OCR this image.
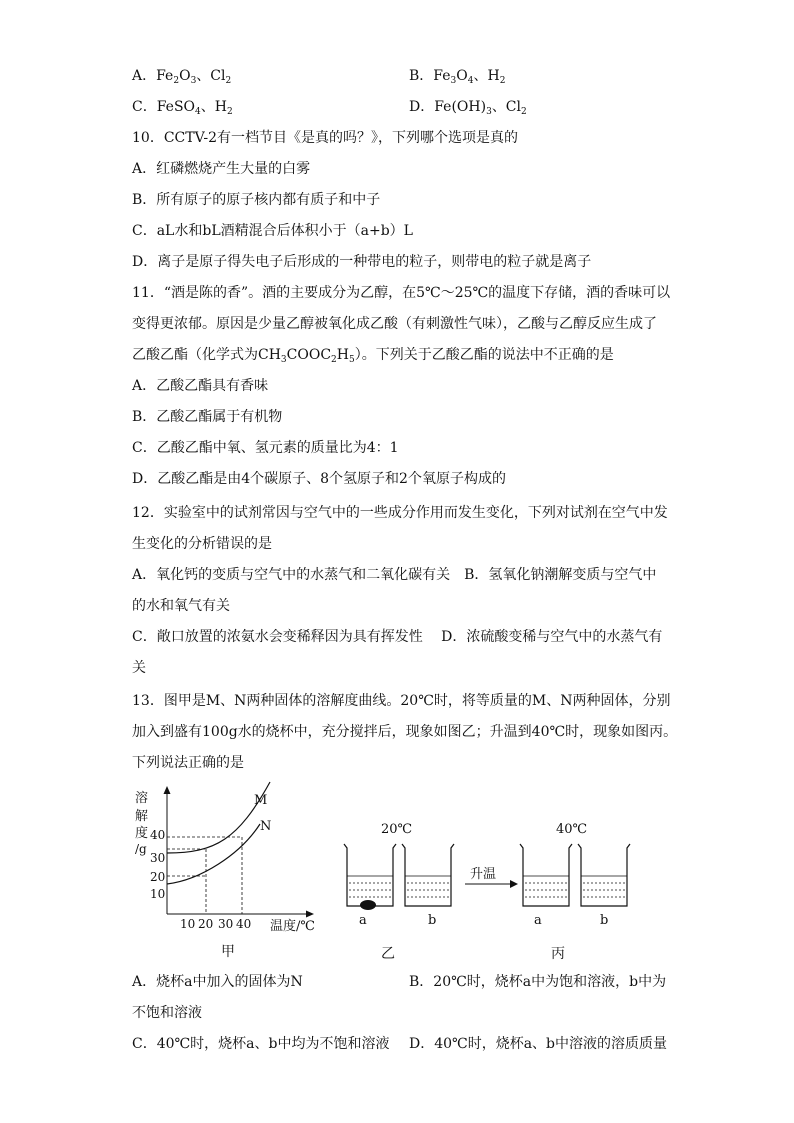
A．$Fe_2O_3$、$Cl_2$	B．$Fe_3O_4$、$H_2$
C．FeSO$_4$、$H_2$	D．$Fe(OH)_3$、$Cl_2$
10．CCTV-2有一档节目《是真的吗？》，下列哪个选项是真的
A．红磷燃烧产生大量的白雾
B．所有原子的原子核内都有质子和中子
C．aL水和bL酒精混合后体积小于（a+b）L
D．离子是原子得失电子后形成的一种带电的粒子，则带电的粒子就是离子
11．“酒是陈的香”。酒的主要成分为乙醇，在5℃～25℃的温度下存储，酒的香味可以
变得更浓郁。原因是少量乙醇被氧化成乙酸（有刺激性气味），乙酸与乙醇反应生成了
乙酸乙酯（化学式为$CH_3COOC_2H_5$）。下列关于乙酸乙酯的说法中不正确的是
A．乙酸乙酯具有香味
B．乙酸乙酯属于有机物
C．乙酸乙酯中氧、氢元素的质量比为4：1
D．乙酸乙酯是由4个碳原子、8个氢原子和2个氧原子构成的
12．实验室中的试剂常因与空气中的一些成分作用而发生变化，下列对试剂在空气中发
生变化的分析错误的是
A．氧化钙的变质与空气中的水蒸气和二氧化碳有关　B．氢氧化钠潮解变质与空气中
的水和氧气有关
C．敞口放置的浓氨水会变稀释因为具有挥发性　 D．浓硫酸变稀与空气中的水蒸气有
关
13．图甲是M、N两种固体的溶解度曲线。20℃时，将等质量的M、N两种固体，分别
加入到盛有100g水的烧杯中，充分搅拌后，现象如图乙；升温到40℃时，现象如图丙。
下列说法正确的是
溶
解
度
/g
40
30
20
10
10 20 30 40 温度/℃
M
N
甲
20℃
a	b
乙
升温
40℃
a	b
丙
A．烧杯a中加入的固体为N	B．20℃时，烧杯a中为饱和溶液，b中为
不饱和溶液
C．40℃时，烧杯a、b中均为不饱和溶液 D．40℃时，烧杯a、b中溶液的溶质质量
